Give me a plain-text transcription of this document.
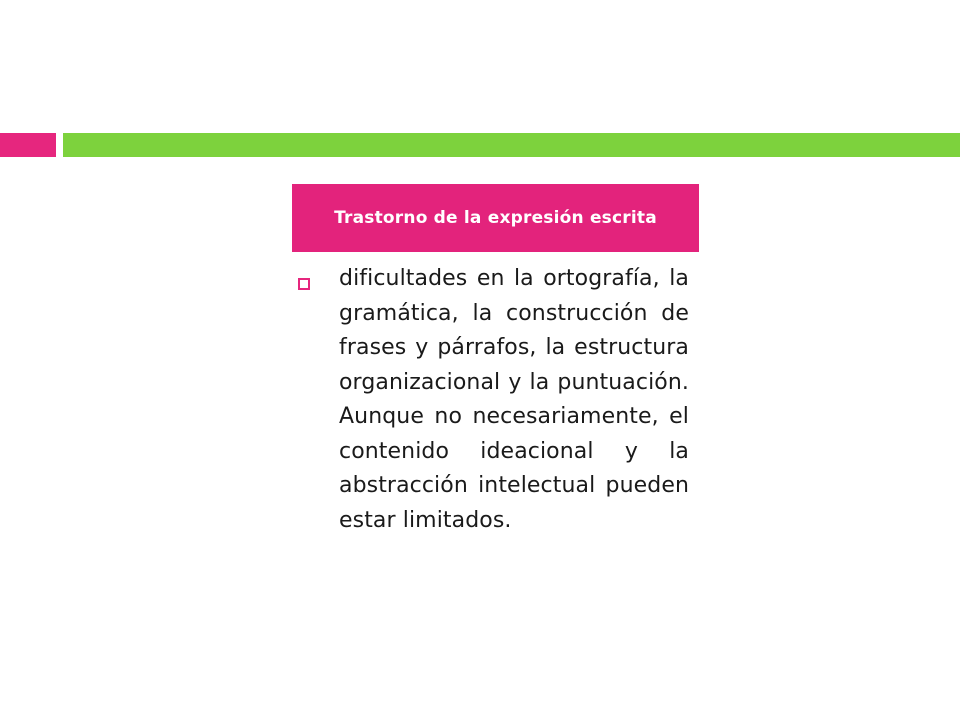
Trastorno de la expresión escrita

dificultades en la ortografía, la gramática, la construcción de frases y párrafos, la estructura organizacional y la puntuación. Aunque no necesariamente, el contenido ideacional y la abstracción intelectual pueden estar limitados.
